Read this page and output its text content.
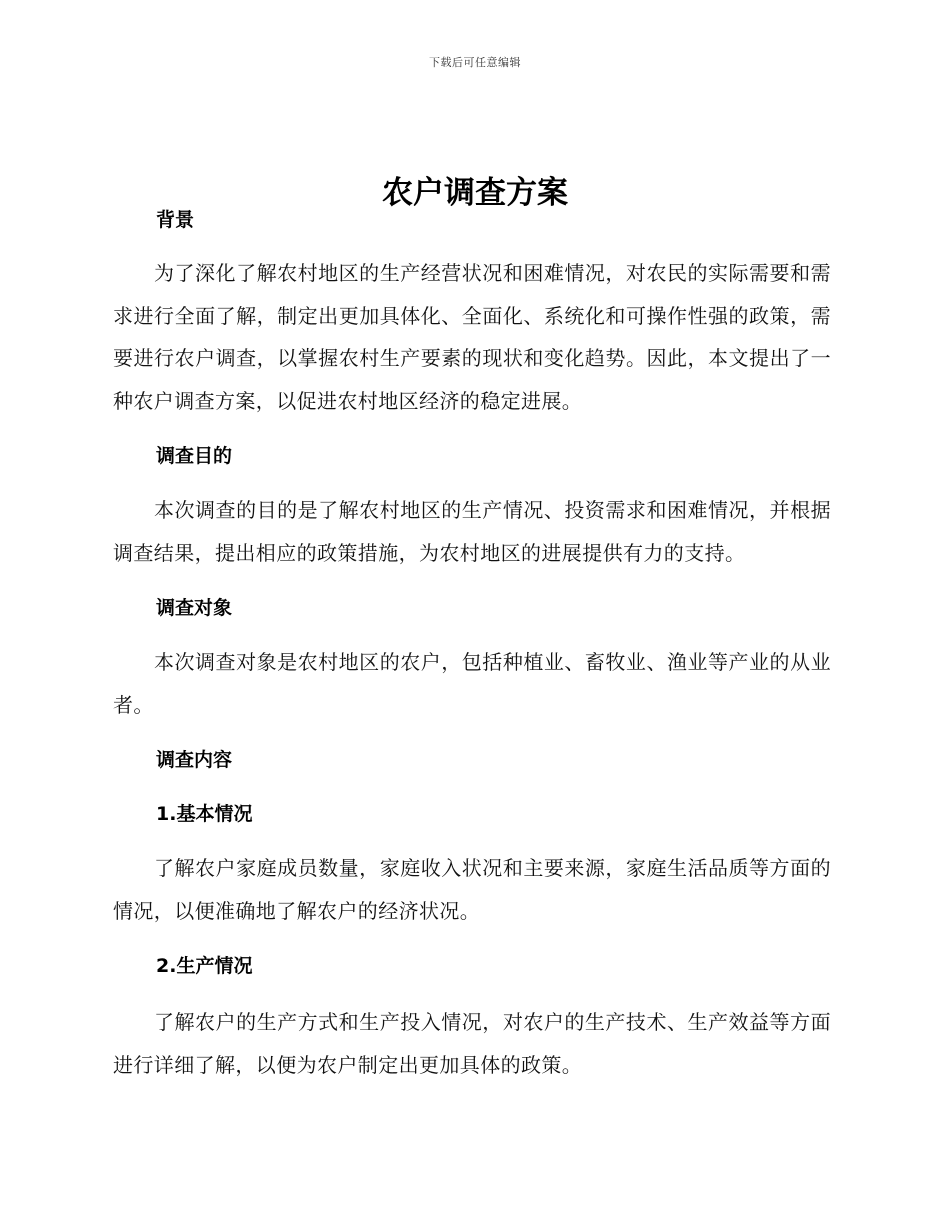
下载后可任意编辑
农户调查方案
背景

为了深化了解农村地区的生产经营状况和困难情况，对农民的实际需要和需求进行全面了解，制定出更加具体化、全面化、系统化和可操作性强的政策，需要进行农户调查，以掌握农村生产要素的现状和变化趋势。因此，本文提出了一种农户调查方案，以促进农村地区经济的稳定进展。

调查目的

本次调查的目的是了解农村地区的生产情况、投资需求和困难情况，并根据调查结果，提出相应的政策措施，为农村地区的进展提供有力的支持。

调查对象

本次调查对象是农村地区的农户，包括种植业、畜牧业、渔业等产业的从业者。

调查内容
1.基本情况

了解农户家庭成员数量，家庭收入状况和主要来源，家庭生活品质等方面的情况，以便准确地了解农户的经济状况。

2.生产情况

了解农户的生产方式和生产投入情况，对农户的生产技术、生产效益等方面进行详细了解，以便为农户制定出更加具体的政策。
